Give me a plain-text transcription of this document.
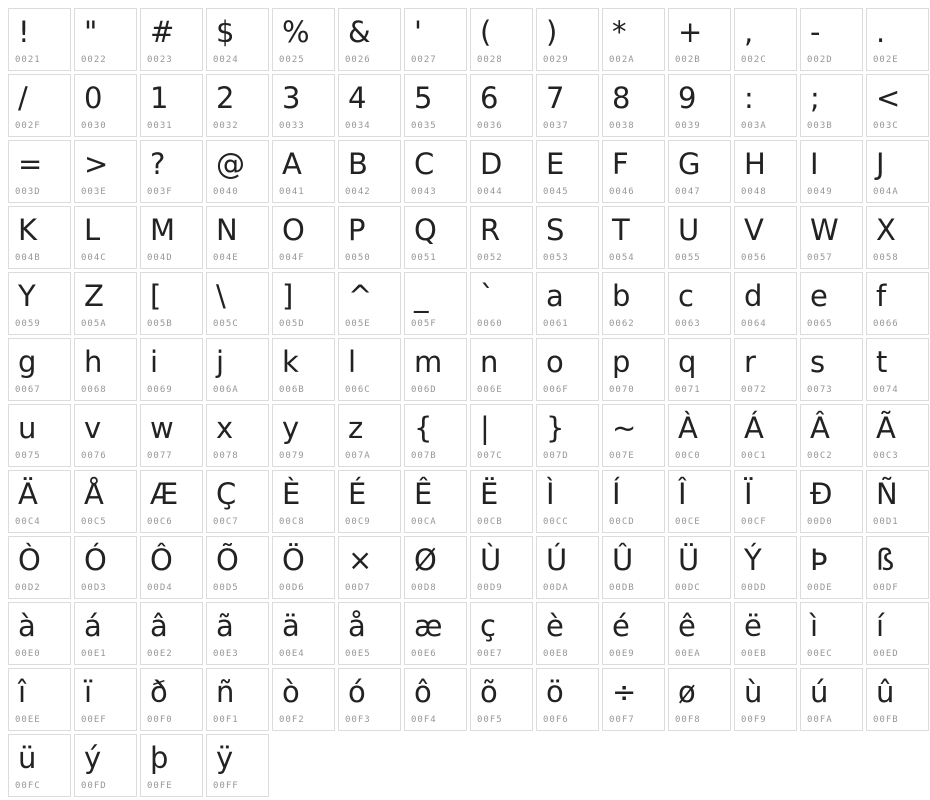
!
0021
"
0022
#
0023
$
0024
%
0025
&
0026
'
0027
(
0028
)
0029
*
002A
+
002B
,
002C
-
002D
.
002E
/
002F
0
0030
1
0031
2
0032
3
0033
4
0034
5
0035
6
0036
7
0037
8
0038
9
0039
:
003A
;
003B
<
003C
=
003D
>
003E
?
003F
@
0040
A
0041
B
0042
C
0043
D
0044
E
0045
F
0046
G
0047
H
0048
I
0049
J
004A
K
004B
L
004C
M
004D
N
004E
O
004F
P
0050
Q
0051
R
0052
S
0053
T
0054
U
0055
V
0056
W
0057
X
0058
Y
0059
Z
005A
[
005B
\
005C
]
005D
^
005E
_
005F
`
0060
a
0061
b
0062
c
0063
d
0064
e
0065
f
0066
g
0067
h
0068
i
0069
j
006A
k
006B
l
006C
m
006D
n
006E
o
006F
p
0070
q
0071
r
0072
s
0073
t
0074
u
0075
v
0076
w
0077
x
0078
y
0079
z
007A
{
007B
|
007C
}
007D
~
007E
À
00C0
Á
00C1
Â
00C2
Ã
00C3
Ä
00C4
Å
00C5
Æ
00C6
Ç
00C7
È
00C8
É
00C9
Ê
00CA
Ë
00CB
Ì
00CC
Í
00CD
Î
00CE
Ï
00CF
Ð
00D0
Ñ
00D1
Ò
00D2
Ó
00D3
Ô
00D4
Õ
00D5
Ö
00D6
×
00D7
Ø
00D8
Ù
00D9
Ú
00DA
Û
00DB
Ü
00DC
Ý
00DD
Þ
00DE
ß
00DF
à
00E0
á
00E1
â
00E2
ã
00E3
ä
00E4
å
00E5
æ
00E6
ç
00E7
è
00E8
é
00E9
ê
00EA
ë
00EB
ì
00EC
í
00ED
î
00EE
ï
00EF
ð
00F0
ñ
00F1
ò
00F2
ó
00F3
ô
00F4
õ
00F5
ö
00F6
÷
00F7
ø
00F8
ù
00F9
ú
00FA
û
00FB
ü
00FC
ý
00FD
þ
00FE
ÿ
00FF
